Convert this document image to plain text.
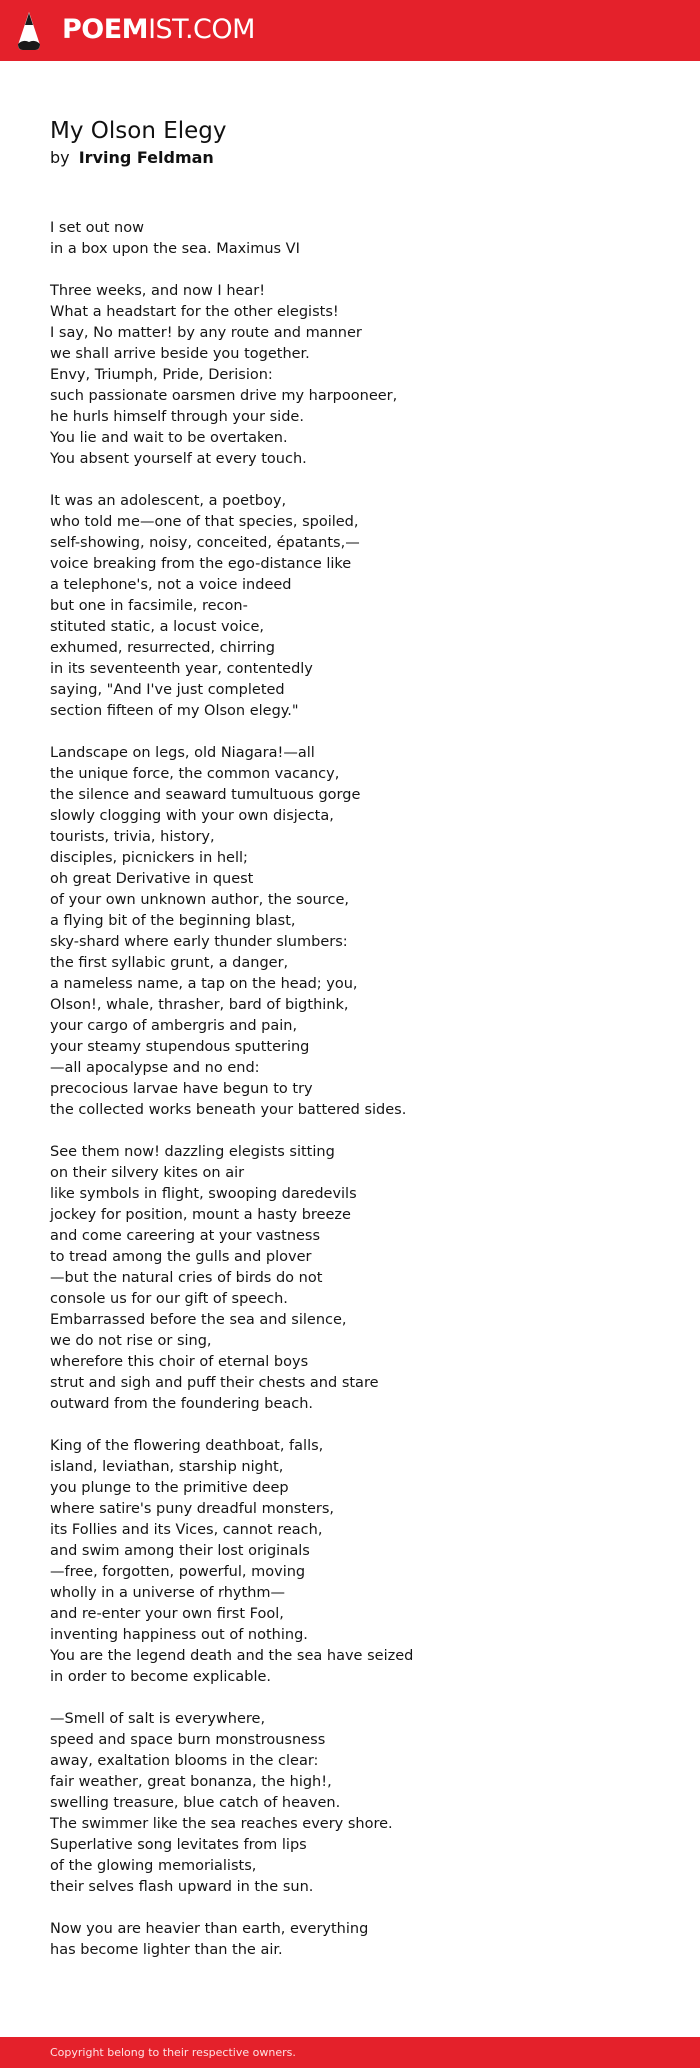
POEMIST.COM
My Olson Elegy
by Irving Feldman
I set out now
in a box upon the sea. Maximus VI
Three weeks, and now I hear!
What a headstart for the other elegists!
I say, No matter! by any route and manner
we shall arrive beside you together.
Envy, Triumph, Pride, Derision:
such passionate oarsmen drive my harpooneer,
he hurls himself through your side.
You lie and wait to be overtaken.
You absent yourself at every touch.
It was an adolescent, a poetboy,
who told me—one of that species, spoiled,
self-showing, noisy, conceited, épatants,—
voice breaking from the ego-distance like
a telephone's, not a voice indeed
but one in facsimile, recon-
stituted static, a locust voice,
exhumed, resurrected, chirring
in its seventeenth year, contentedly
saying, "And I've just completed
section fifteen of my Olson elegy."
Landscape on legs, old Niagara!—all
the unique force, the common vacancy,
the silence and seaward tumultuous gorge
slowly clogging with your own disjecta,
tourists, trivia, history,
disciples, picnickers in hell;
oh great Derivative in quest
of your own unknown author, the source,
a flying bit of the beginning blast,
sky-shard where early thunder slumbers:
the first syllabic grunt, a danger,
a nameless name, a tap on the head; you,
Olson!, whale, thrasher, bard of bigthink,
your cargo of ambergris and pain,
your steamy stupendous sputtering
—all apocalypse and no end:
precocious larvae have begun to try
the collected works beneath your battered sides.
See them now! dazzling elegists sitting
on their silvery kites on air
like symbols in flight, swooping daredevils
jockey for position, mount a hasty breeze
and come careering at your vastness
to tread among the gulls and plover
—but the natural cries of birds do not
console us for our gift of speech.
Embarrassed before the sea and silence,
we do not rise or sing,
wherefore this choir of eternal boys
strut and sigh and puff their chests and stare
outward from the foundering beach.
King of the flowering deathboat, falls,
island, leviathan, starship night,
you plunge to the primitive deep
where satire's puny dreadful monsters,
its Follies and its Vices, cannot reach,
and swim among their lost originals
—free, forgotten, powerful, moving
wholly in a universe of rhythm—
and re-enter your own first Fool,
inventing happiness out of nothing.
You are the legend death and the sea have seized
in order to become explicable.
—Smell of salt is everywhere,
speed and space burn monstrousness
away, exaltation blooms in the clear:
fair weather, great bonanza, the high!,
swelling treasure, blue catch of heaven.
The swimmer like the sea reaches every shore.
Superlative song levitates from lips
of the glowing memorialists,
their selves flash upward in the sun.
Now you are heavier than earth, everything
has become lighter than the air.
Copyright belong to their respective owners.
